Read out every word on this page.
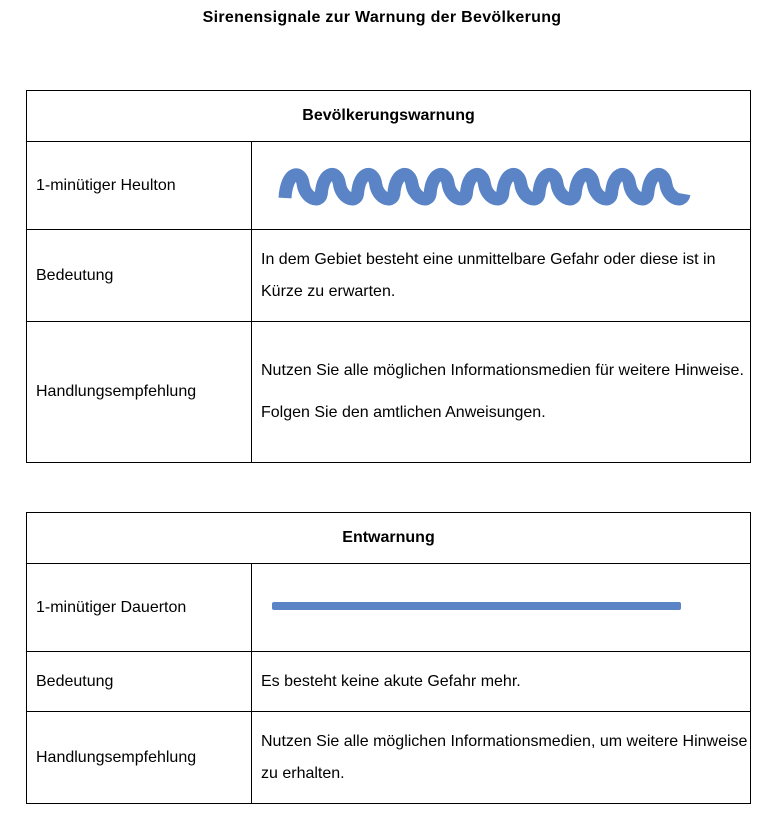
Sirenensignale zur Warnung der Bevölkerung
Bevölkerungswarnung	
1-minütiger Heulton	

Bedeutung	In dem Gebiet besteht eine unmittelbare Gefahr oder diese ist in Kürze zu erwarten.
Handlungsempfehlung	Nutzen Sie alle möglichen Informationsmedien für weitere Hinweise.

Folgen Sie den amtlichen Anweisungen.

Entwarnung	
1-minütiger Dauerton	

Bedeutung	Es besteht keine akute Gefahr mehr.
Handlungsempfehlung	Nutzen Sie alle möglichen Informationsmedien, um weitere Hinweise zu erhalten.
